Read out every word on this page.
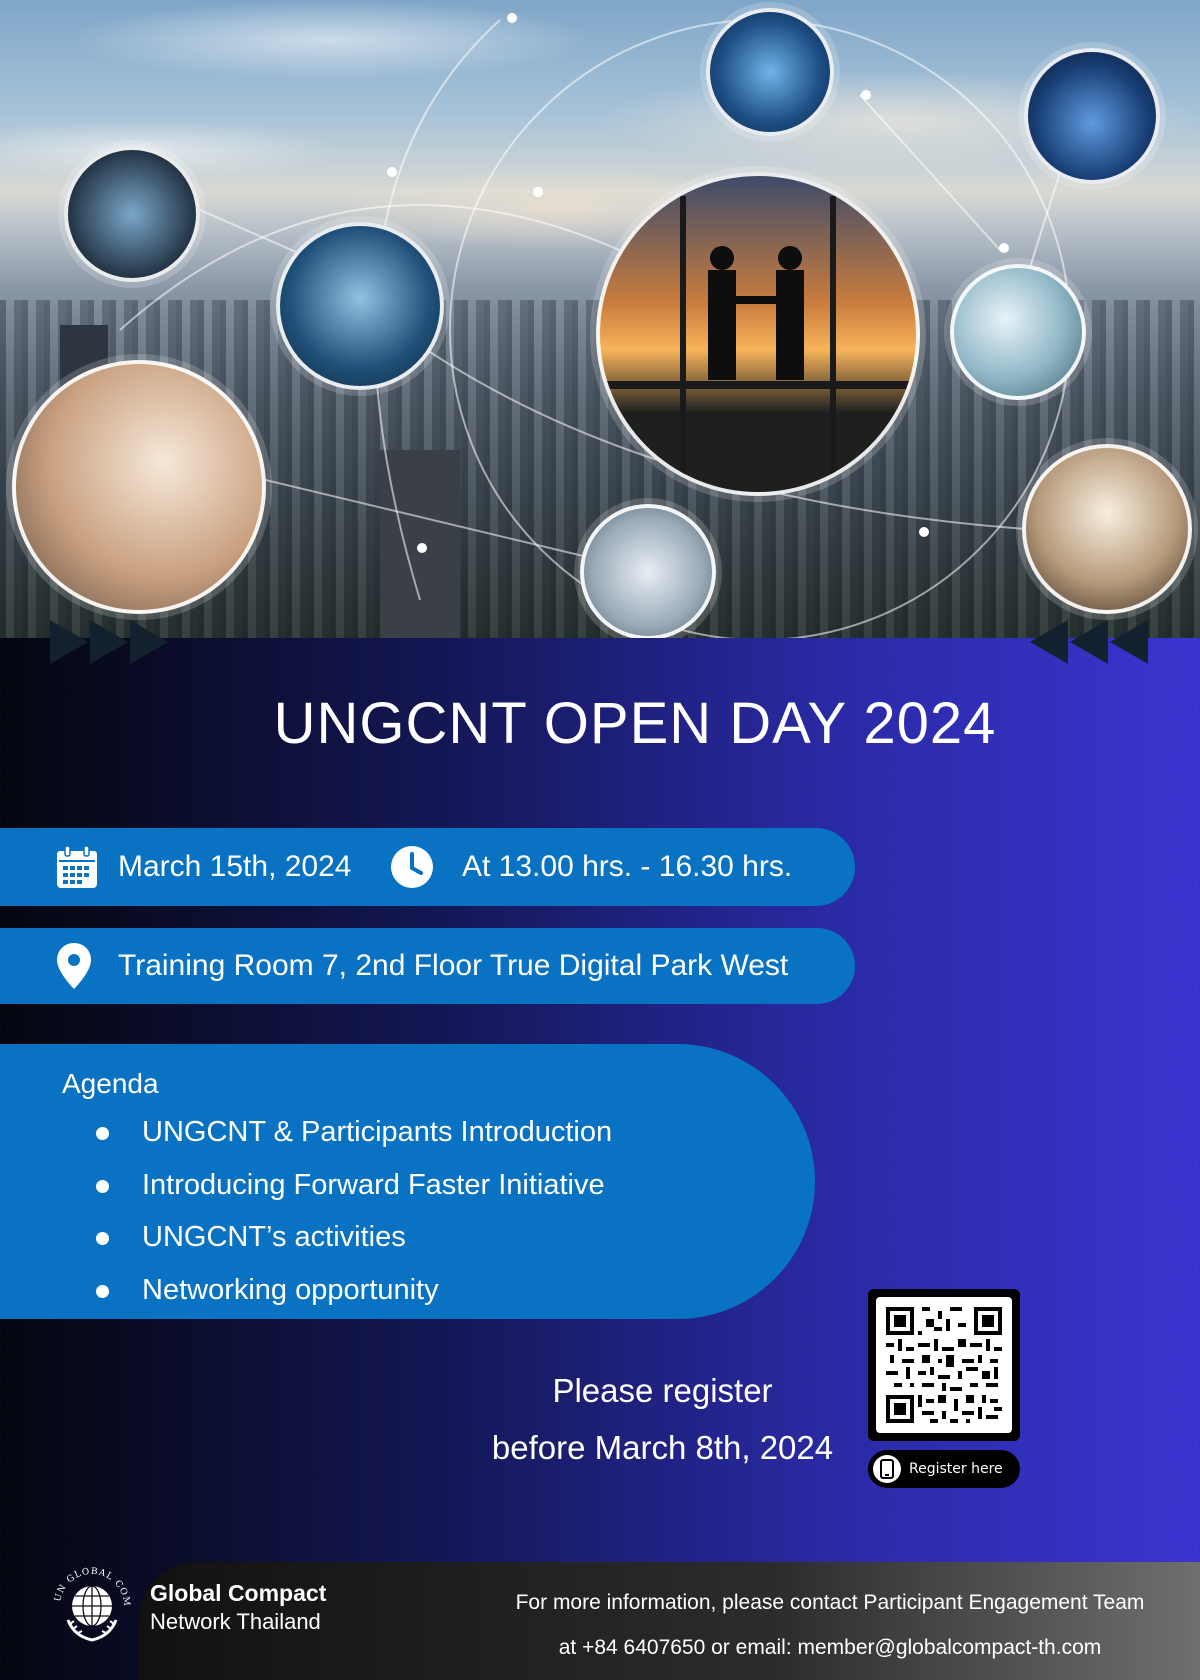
UNGCNT OPEN DAY 2024
March 15th, 2024	At 13.00 hrs. - 16.30 hrs.
Training Room 7, 2nd Floor True Digital Park West
Agenda
UNGCNT & Participants Introduction
Introducing Forward Faster Initiative
UNGCNT’s activities
Networking opportunity
Please register
before March 8th, 2024
Register here
UN GLOBAL COM Global Compact
Network Thailand
For more information, please contact Participant Engagement Team
at +84 6407650 or email: member@globalcompact-th.com
